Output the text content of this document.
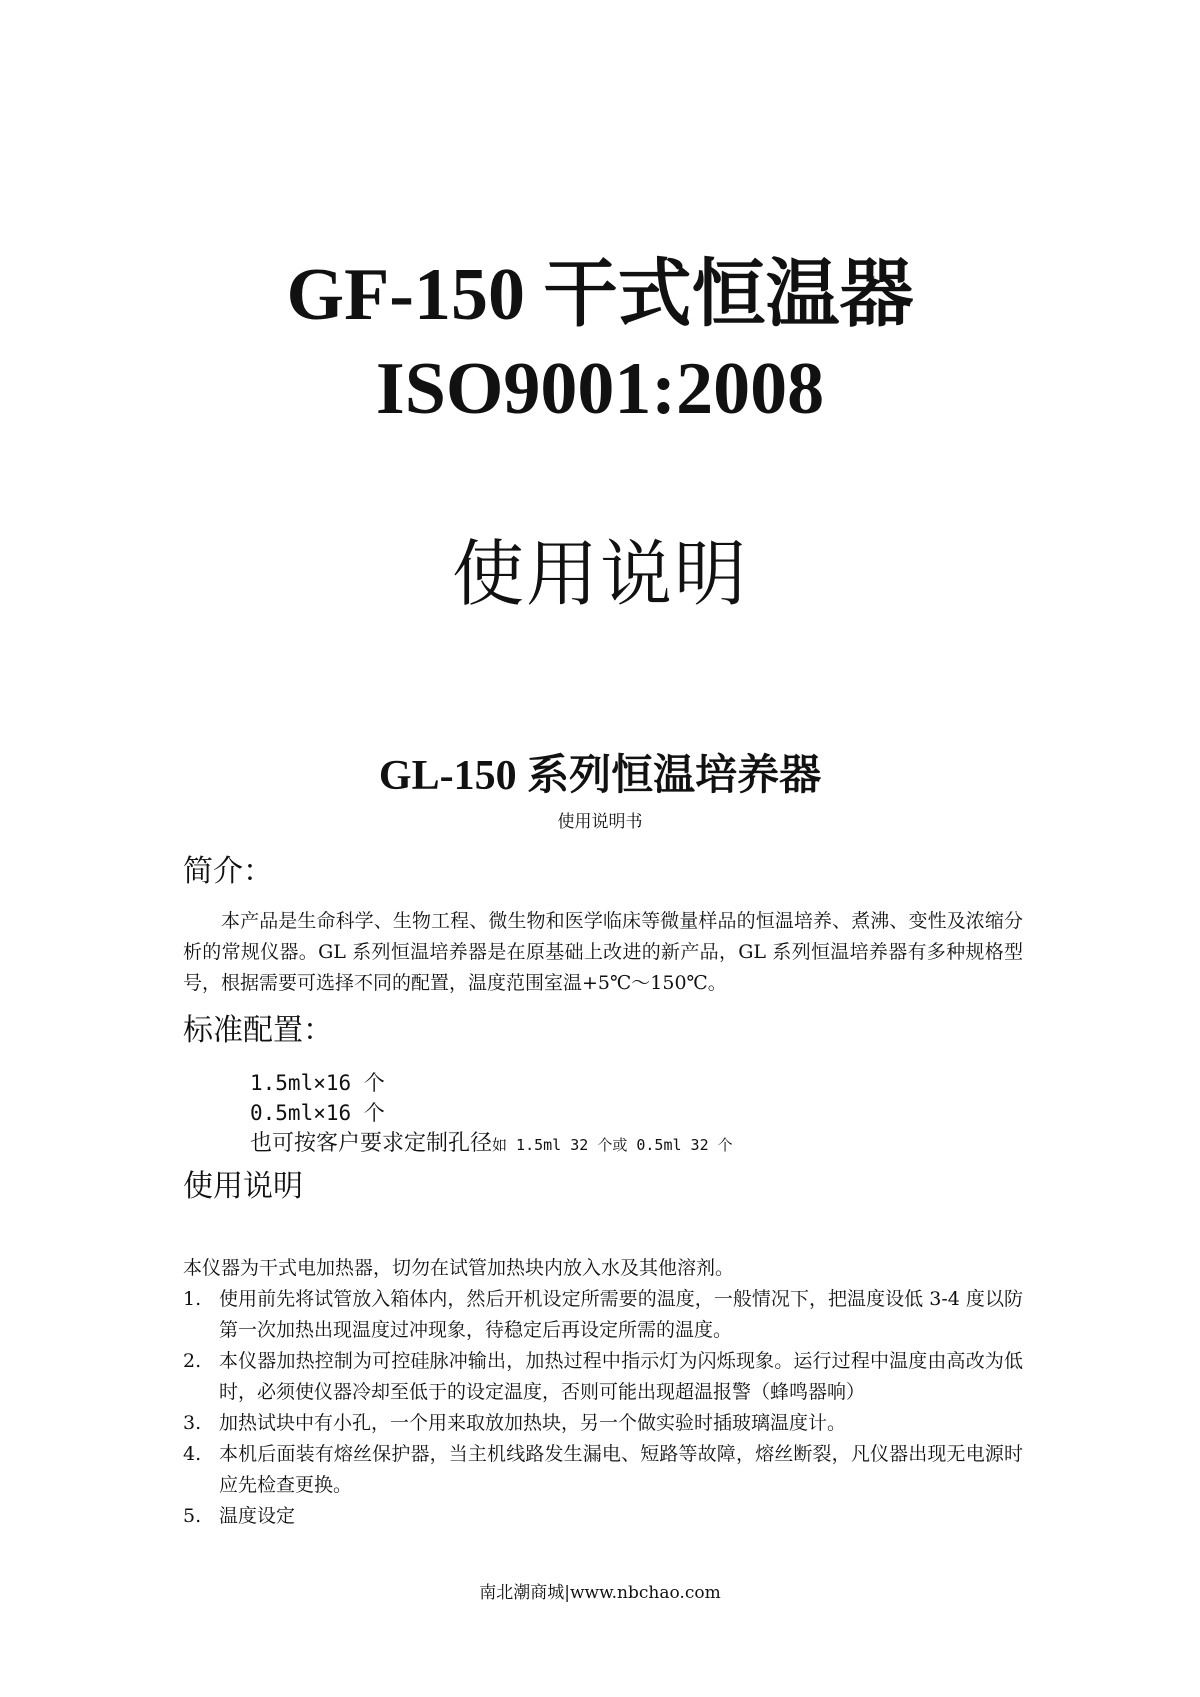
GF-150 干式恒温器
ISO9001:2008
使用说明
GL-150 系列恒温培养器
使用说明书
简介：

本产品是生命科学、生物工程、微生物和医学临床等微量样品的恒温培养、煮沸、变性及浓缩分析的常规仪器。GL 系列恒温培养器是在原基础上改进的新产品，GL 系列恒温培养器有多种规格型号，根据需要可选择不同的配置，温度范围室温+5℃～150℃。

标准配置：
1.5ml×16 个
0.5ml×16 个
也可按客户要求定制孔径如 1.5ml 32 个或 0.5ml 32 个
使用说明

本仪器为干式电加热器，切勿在试管加热块内放入水及其他溶剂。

1. 使用前先将试管放入箱体内，然后开机设定所需要的温度，一般情况下，把温度设低 3-4 度以防第一次加热出现温度过冲现象，待稳定后再设定所需的温度。
2. 本仪器加热控制为可控硅脉冲输出，加热过程中指示灯为闪烁现象。运行过程中温度由高改为低时，必须使仪器冷却至低于的设定温度，否则可能出现超温报警（蜂鸣器响）
3. 加热试块中有小孔，一个用来取放加热块，另一个做实验时插玻璃温度计。
4. 本机后面装有熔丝保护器，当主机线路发生漏电、短路等故障，熔丝断裂，凡仪器出现无电源时应先检查更换。
5. 温度设定
南北潮商城|www.nbchao.com
